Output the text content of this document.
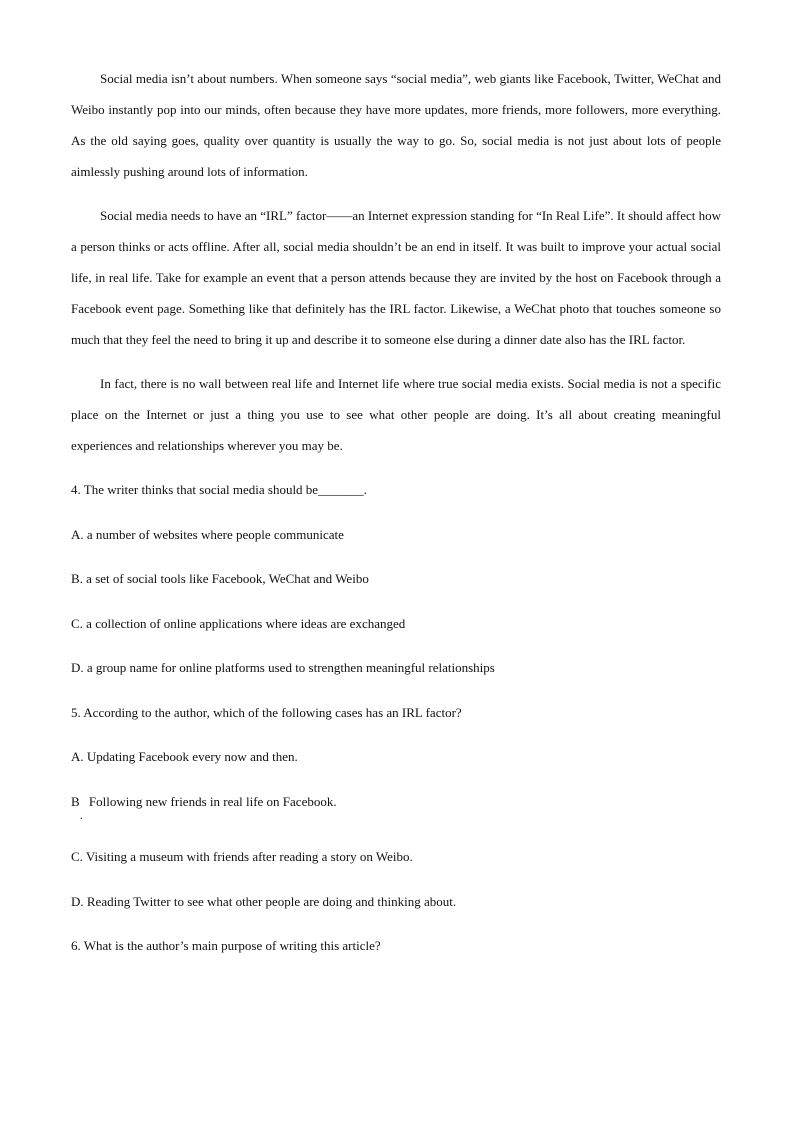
Social media isn’t about numbers. When someone says “social media”, web giants like Facebook, Twitter, WeChat and Weibo instantly pop into our minds, often because they have more updates, more friends, more followers, more everything. As the old saying goes, quality over quantity is usually the way to go. So, social media is not just about lots of people aimlessly pushing around lots of information.

Social media needs to have an “IRL” factor——an Internet expression standing for “In Real Life”. It should affect how a person thinks or acts offline. After all, social media shouldn’t be an end in itself. It was built to improve your actual social life, in real life. Take for example an event that a person attends because they are invited by the host on Facebook through a Facebook event page. Something like that definitely has the IRL factor. Likewise, a WeChat photo that touches someone so much that they feel the need to bring it up and describe it to someone else during a dinner date also has the IRL factor.

In fact, there is no wall between real life and Internet life where true social media exists. Social media is not a specific place on the Internet or just a thing you use to see what other people are doing. It’s all about creating meaningful experiences and relationships wherever you may be.

4. The writer thinks that social media should be_______.

A. a number of websites where people communicate

B. a set of social tools like Facebook, WeChat and Weibo

C. a collection of online applications where ideas are exchanged

D. a group name for online platforms used to strengthen meaningful relationships

5. According to the author, which of the following cases has an IRL factor?

A. Updating Facebook every now and then.

B
.
Following new friends in real life on Facebook.

C. Visiting a museum with friends after reading a story on Weibo.

D. Reading Twitter to see what other people are doing and thinking about.

6. What is the author’s main purpose of writing this article?
